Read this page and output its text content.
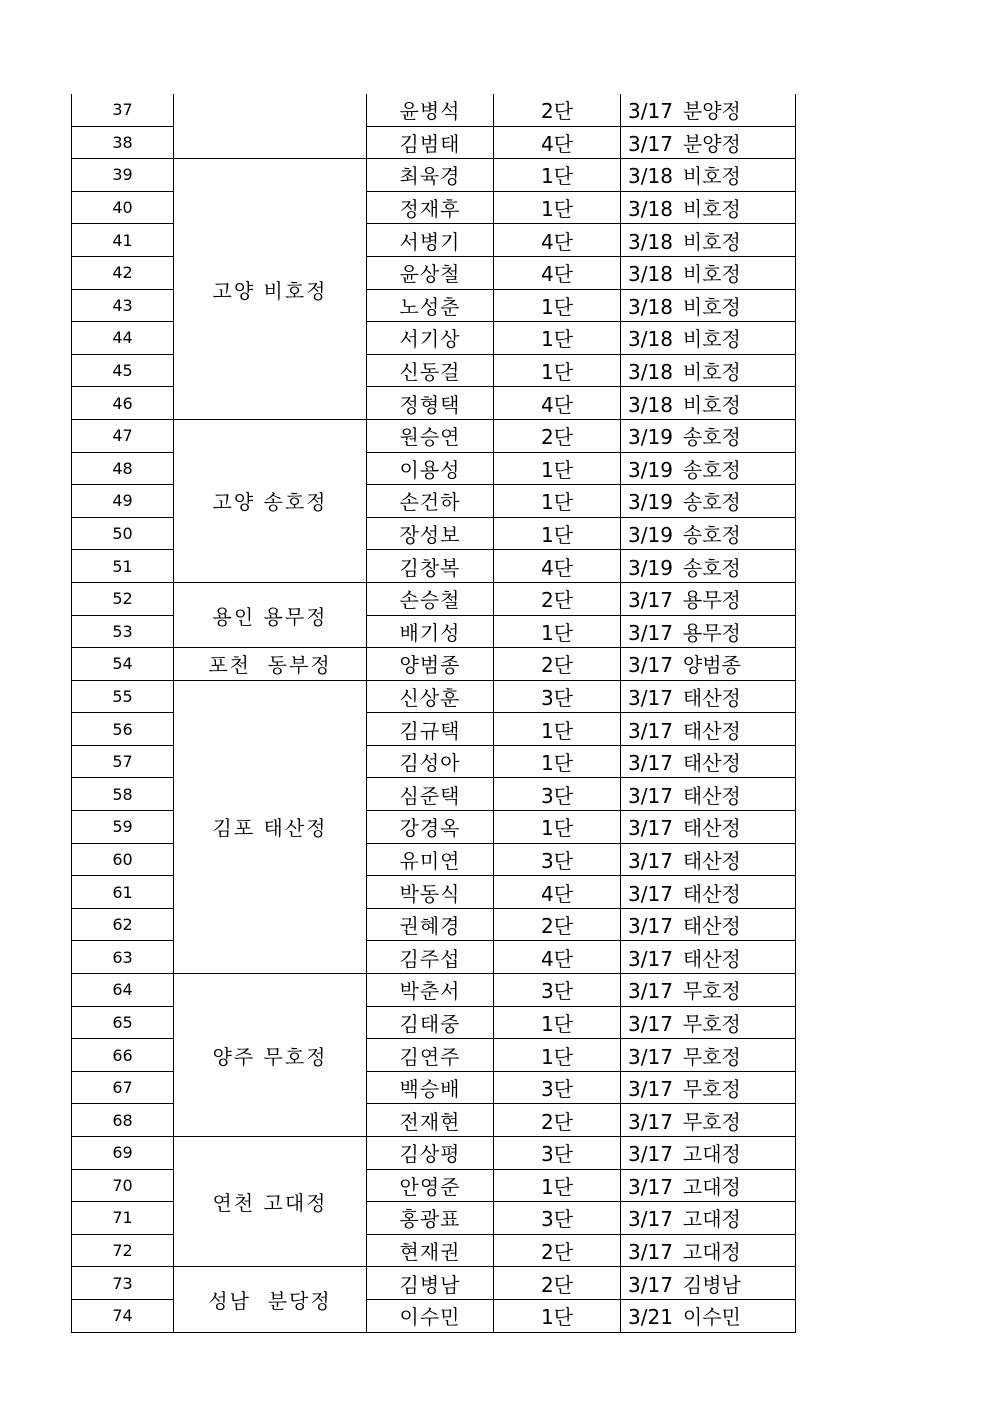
37		윤병석	2단	3/17 분양정
38		김범태	4단	3/17 분양정
39	고양 비호정	최육경	1단	3/18 비호정
40		정재후	1단	3/18 비호정
41		서병기	4단	3/18 비호정
42		윤상철	4단	3/18 비호정
43		노성춘	1단	3/18 비호정
44		서기상	1단	3/18 비호정
45		신동걸	1단	3/18 비호정
46		정형택	4단	3/18 비호정
47	고양 송호정	원승연	2단	3/19 송호정
48		이용성	1단	3/19 송호정
49		손건하	1단	3/19 송호정
50		장성보	1단	3/19 송호정
51		김창복	4단	3/19 송호정
52	용인 용무정	손승철	2단	3/17 용무정
53		배기성	1단	3/17 용무정
54	포천  동부정	양범종	2단	3/17 양범종
55	김포 태산정	신상훈	3단	3/17 태산정
56		김규택	1단	3/17 태산정
57		김성아	1단	3/17 태산정
58		심준택	3단	3/17 태산정
59		강경옥	1단	3/17 태산정
60		유미연	3단	3/17 태산정
61		박동식	4단	3/17 태산정
62		권혜경	2단	3/17 태산정
63		김주섭	4단	3/17 태산정
64	양주 무호정	박춘서	3단	3/17 무호정
65		김태중	1단	3/17 무호정
66		김연주	1단	3/17 무호정
67		백승배	3단	3/17 무호정
68		전재현	2단	3/17 무호정
69	연천 고대정	김상평	3단	3/17 고대정
70		안영준	1단	3/17 고대정
71		홍광표	3단	3/17 고대정
72		현재권	2단	3/17 고대정
73	성남  분당정	김병남	2단	3/17 김병남
74		이수민	1단	3/21 이수민
